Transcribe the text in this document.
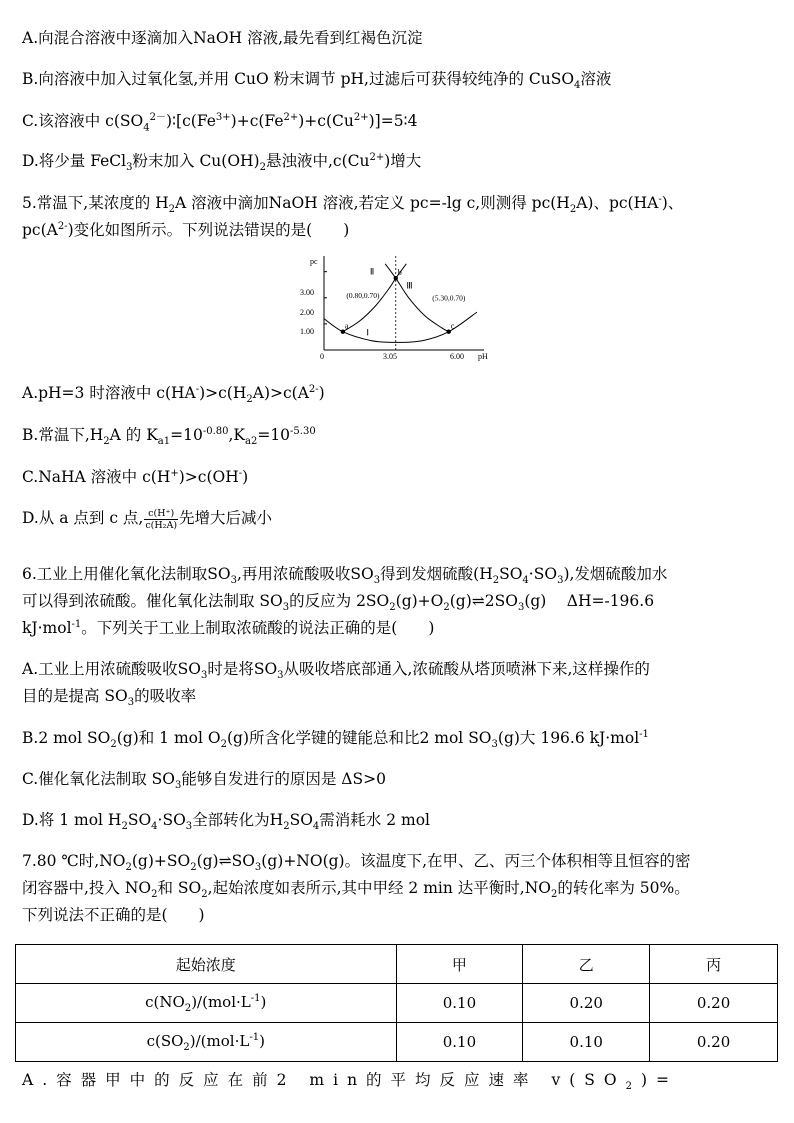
A.向混合溶液中逐滴加入NaOH 溶液,最先看到红褐色沉淀
B.向溶液中加入过氧化氢,并用 CuO 粉末调节 pH,过滤后可获得较纯净的 CuSO$_4$溶液
C.该溶液中 $c(SO_4^{2-})∶[c(Fe^{3+})+c(Fe^{2+})+c(Cu^{2+})]=5∶4$
D.将少量 FeCl$_3$粉末加入 $Cu(OH)_2$悬浊液中$,c(Cu^{2+})$增大
5.常温下,某浓度的 $H_2A$ 溶液中滴加NaOH 溶液,若定义 pc=-lg c,则测得 $pc(H_2A)$、pc(HA-)、
$pc(A^{2-})$变化如图所示。下列说法错误的是(　　)
Ⅰ
Ⅱ
Ⅲ
a
b
c
(0.80,0.70)	(5.30,0.70)
pc
pH
0	3.05	6.00
1.00
2.00
3.00
A.pH=3 时溶液中 $c(HA^-)>c(H_2A)>c(A^{2-})$
B.常温下$,H_2A$ 的 $K_{a1}=10^{-0.80},K_{a2}=10^{-5.30}$
C.NaHA 溶液中 c(H+)>c(OH-)
D.从 a 点到 c 点, $\frac{c(H^+)}{\text{c(H₂A)}}$ 先增大后减小
6.工业上用催化氧化法制取$SO_3$,再用浓硫酸吸收$SO_3$得到发烟硫酸$(H_2SO_4\cdot SO_3)$,发烟硫酸加水
可以得到浓硫酸。催化氧化法制取 $SO_3$的反应为 $2SO_2(g)+O_2(g)\rightleftharpoons 2SO_3(g)$　 ΔH=-196.6
kJ·mol$^{-1}$。下列关于工业上制取浓硫酸的说法正确的是(　　)
A.工业上用浓硫酸吸收$SO_3$时是将$SO_3$从吸收塔底部通入,浓硫酸从塔顶喷淋下来,这样操作的
目的是提高 $SO_3$的吸收率
B.2 mol $SO_2(g)$和 1 mol $O_2(g)$所含化学键的键能总和比2 mol $SO_3(g)$大 196.6 kJ·mol$^{-1}$
C.催化氧化法制取 $SO_3$能够自发进行的原因是 ΔS>0
D.将 1 mol $H_2SO_4\cdot SO_3$全部转化为$H_2SO_4$需消耗水 2 mol
7.80 ℃时$,NO_2(g)+SO_2(g)\rightleftharpoons SO_3(g)+NO(g)$。该温度下,在甲、乙、丙三个体积相等且恒容的密
闭容器中,投入 $NO_2$和 $SO_2$,起始浓度如表所示,其中甲经 2 min 达平衡时$,NO_2$的转化率为 50%。
下列说法不正确的是(　　)
起始浓度	甲	乙	丙
$c(NO_2)/(mol\cdot L^{-1})$	0.10	0.20	0.20
$c(SO_2)/(mol\cdot L^{-1})$	0.10	0.10	0.20
A.容器甲中的反应在前2 min的平均反应速率 $v(SO_2)=$
